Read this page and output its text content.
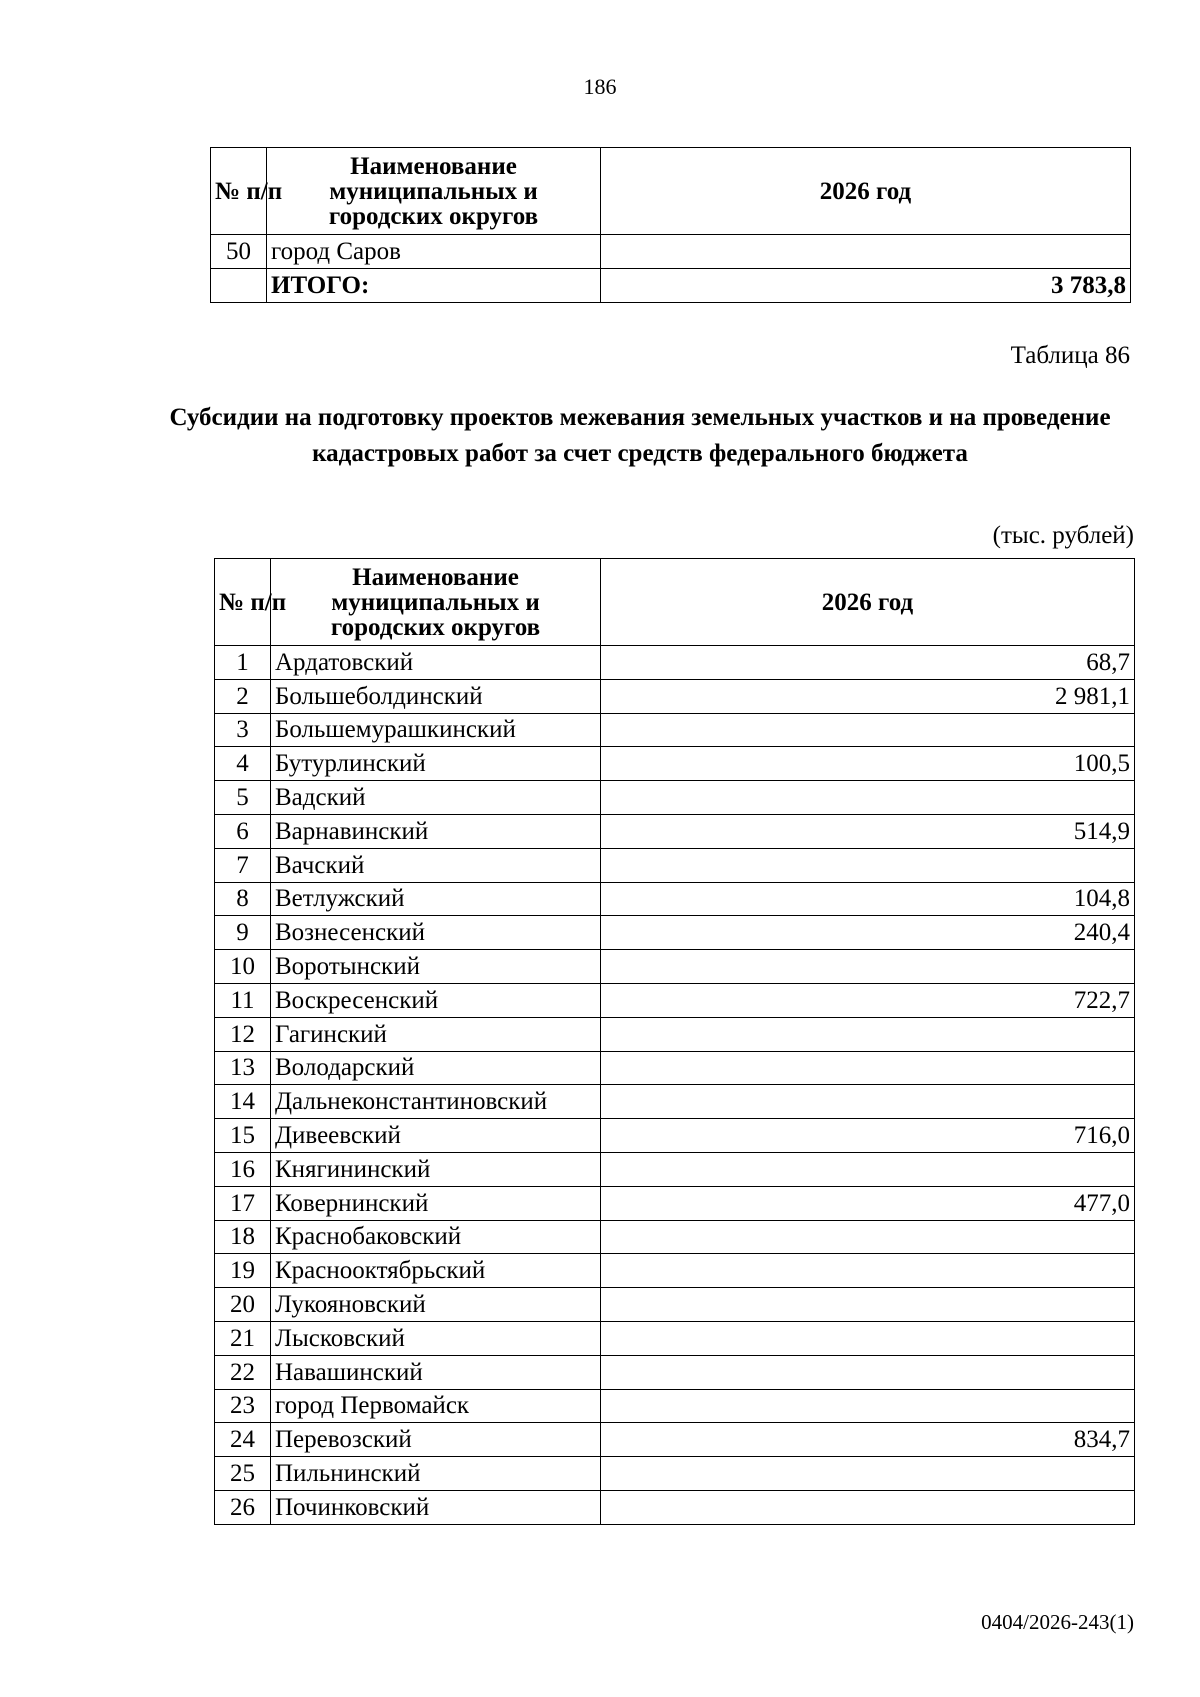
186
№ п/п	Наименование муниципальных и городских округов	2026 год
50	город Саров	
	ИТОГО:	3 783,8
Таблица 86
Субсидии на подготовку проектов межевания земельных участков и на проведение кадастровых работ за счет средств федерального бюджета
(тыс. рублей)
№ п/п	Наименование муниципальных и городских округов	2026 год
1	Ардатовский	68,7
2	Большеболдинский	2 981,1
3	Большемурашкинский	
4	Бутурлинский	100,5
5	Вадский	
6	Варнавинский	514,9
7	Вачский	
8	Ветлужский	104,8
9	Вознесенский	240,4
10	Воротынский	
11	Воскресенский	722,7
12	Гагинский	
13	Володарский	
14	Дальнеконстантиновский	
15	Дивеевский	716,0
16	Княгининский	
17	Ковернинский	477,0
18	Краснобаковский	
19	Краснооктябрьский	
20	Лукояновский	
21	Лысковский	
22	Навашинский	
23	город Первомайск	
24	Перевозский	834,7
25	Пильнинский	
26	Починковский	
0404/2026-243(1)
